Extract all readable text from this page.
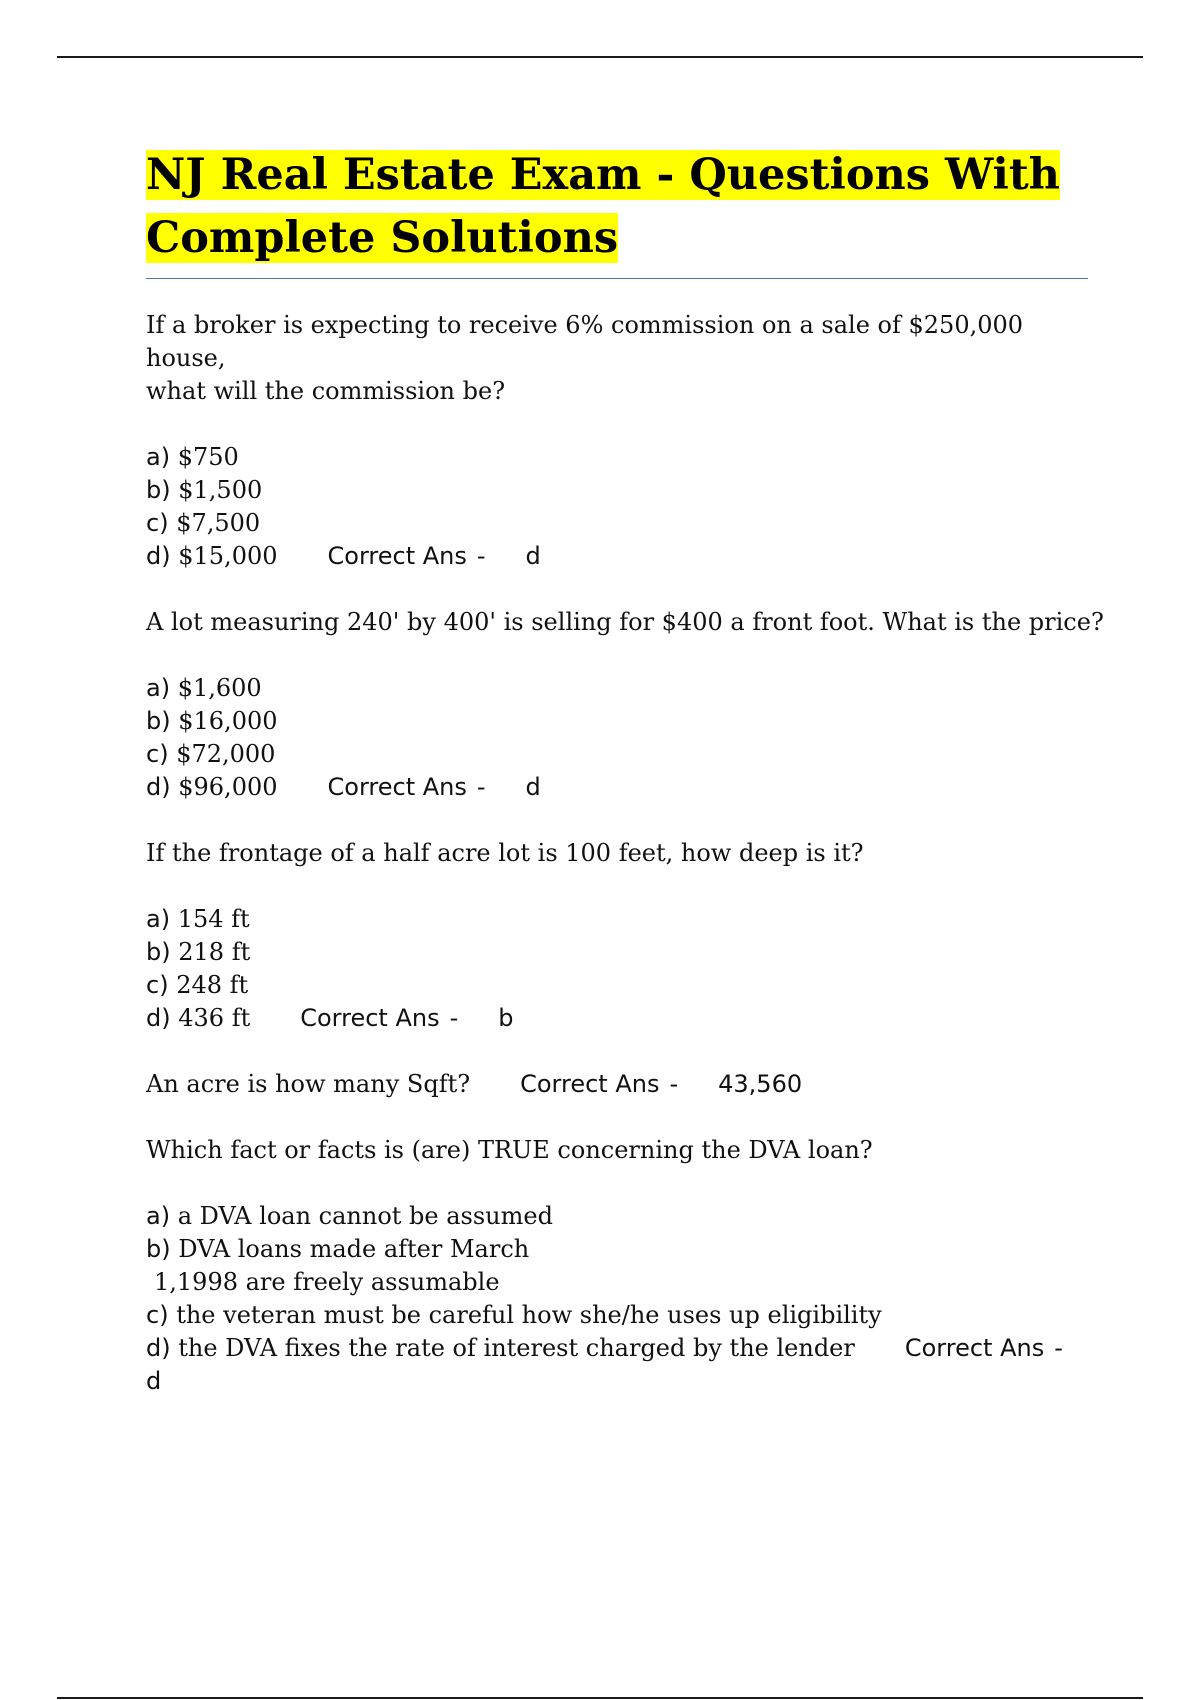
NJ Real Estate Exam - Questions With
Complete Solutions
If a broker is expecting to receive 6% commission on a sale of $250,000 house,
what will the commission be?
a) $750
b) $1,500
c) $7,500
d) $15,000 Correct Ans - d
A lot measuring 240' by 400' is selling for $400 a front foot. What is the price?
a) $1,600
b) $16,000
c) $72,000
d) $96,000 Correct Ans - d
If the frontage of a half acre lot is 100 feet, how deep is it?
a) 154 ft
b) 218 ft
c) 248 ft
d) 436 ft Correct Ans - b
An acre is how many Sqft? Correct Ans - 43,560
Which fact or facts is (are) TRUE concerning the DVA loan?
a) a DVA loan cannot be assumed
b) DVA loans made after March
1,1998 are freely assumable
c) the veteran must be careful how she/he uses up eligibility
d) the DVA fixes the rate of interest charged by the lender Correct Ans -
d
